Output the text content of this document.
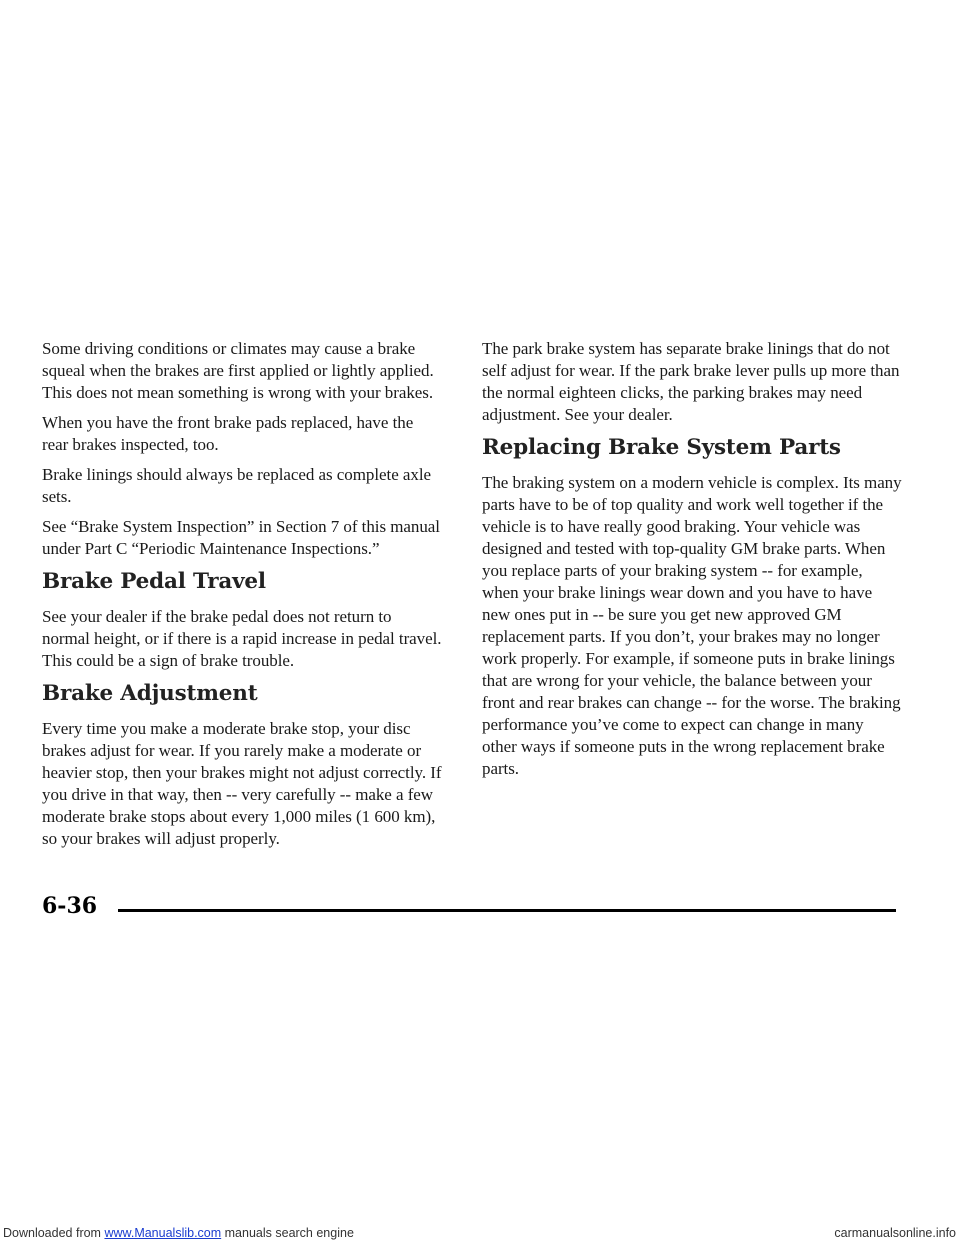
Some driving conditions or climates may cause a brake squeal when the brakes are first applied or lightly applied. This does not mean something is wrong with your brakes.

When you have the front brake pads replaced, have the rear brakes inspected, too.

Brake linings should always be replaced as complete axle sets.

See “Brake System Inspection” in Section 7 of this manual under Part C “Periodic Maintenance Inspections.”

Brake Pedal Travel

See your dealer if the brake pedal does not return to normal height, or if there is a rapid increase in pedal travel. This could be a sign of brake trouble.

Brake Adjustment

Every time you make a moderate brake stop, your disc brakes adjust for wear. If you rarely make a moderate or heavier stop, then your brakes might not adjust correctly. If you drive in that way, then -- very carefully -- make a few moderate brake stops about every 1,000 miles (1 600 km), so your brakes will adjust properly.

The park brake system has separate brake linings that do not self adjust for wear. If the park brake lever pulls up more than the normal eighteen clicks, the parking brakes may need adjustment. See your dealer.

Replacing Brake System Parts

The braking system on a modern vehicle is complex. Its many parts have to be of top quality and work well together if the vehicle is to have really good braking. Your vehicle was designed and tested with top-quality GM brake parts. When you replace parts of your braking system -- for example, when your brake linings wear down and you have to have new ones put in -- be sure you get new approved GM replacement parts. If you don’t, your brakes may no longer work properly. For example, if someone puts in brake linings that are wrong for your vehicle, the balance between your front and rear brakes can change -- for the worse. The braking performance you’ve come to expect can change in many other ways if someone puts in the wrong replacement brake parts.

6-36
Downloaded from www.Manualslib.com manuals search engine	carmanualsonline.info
